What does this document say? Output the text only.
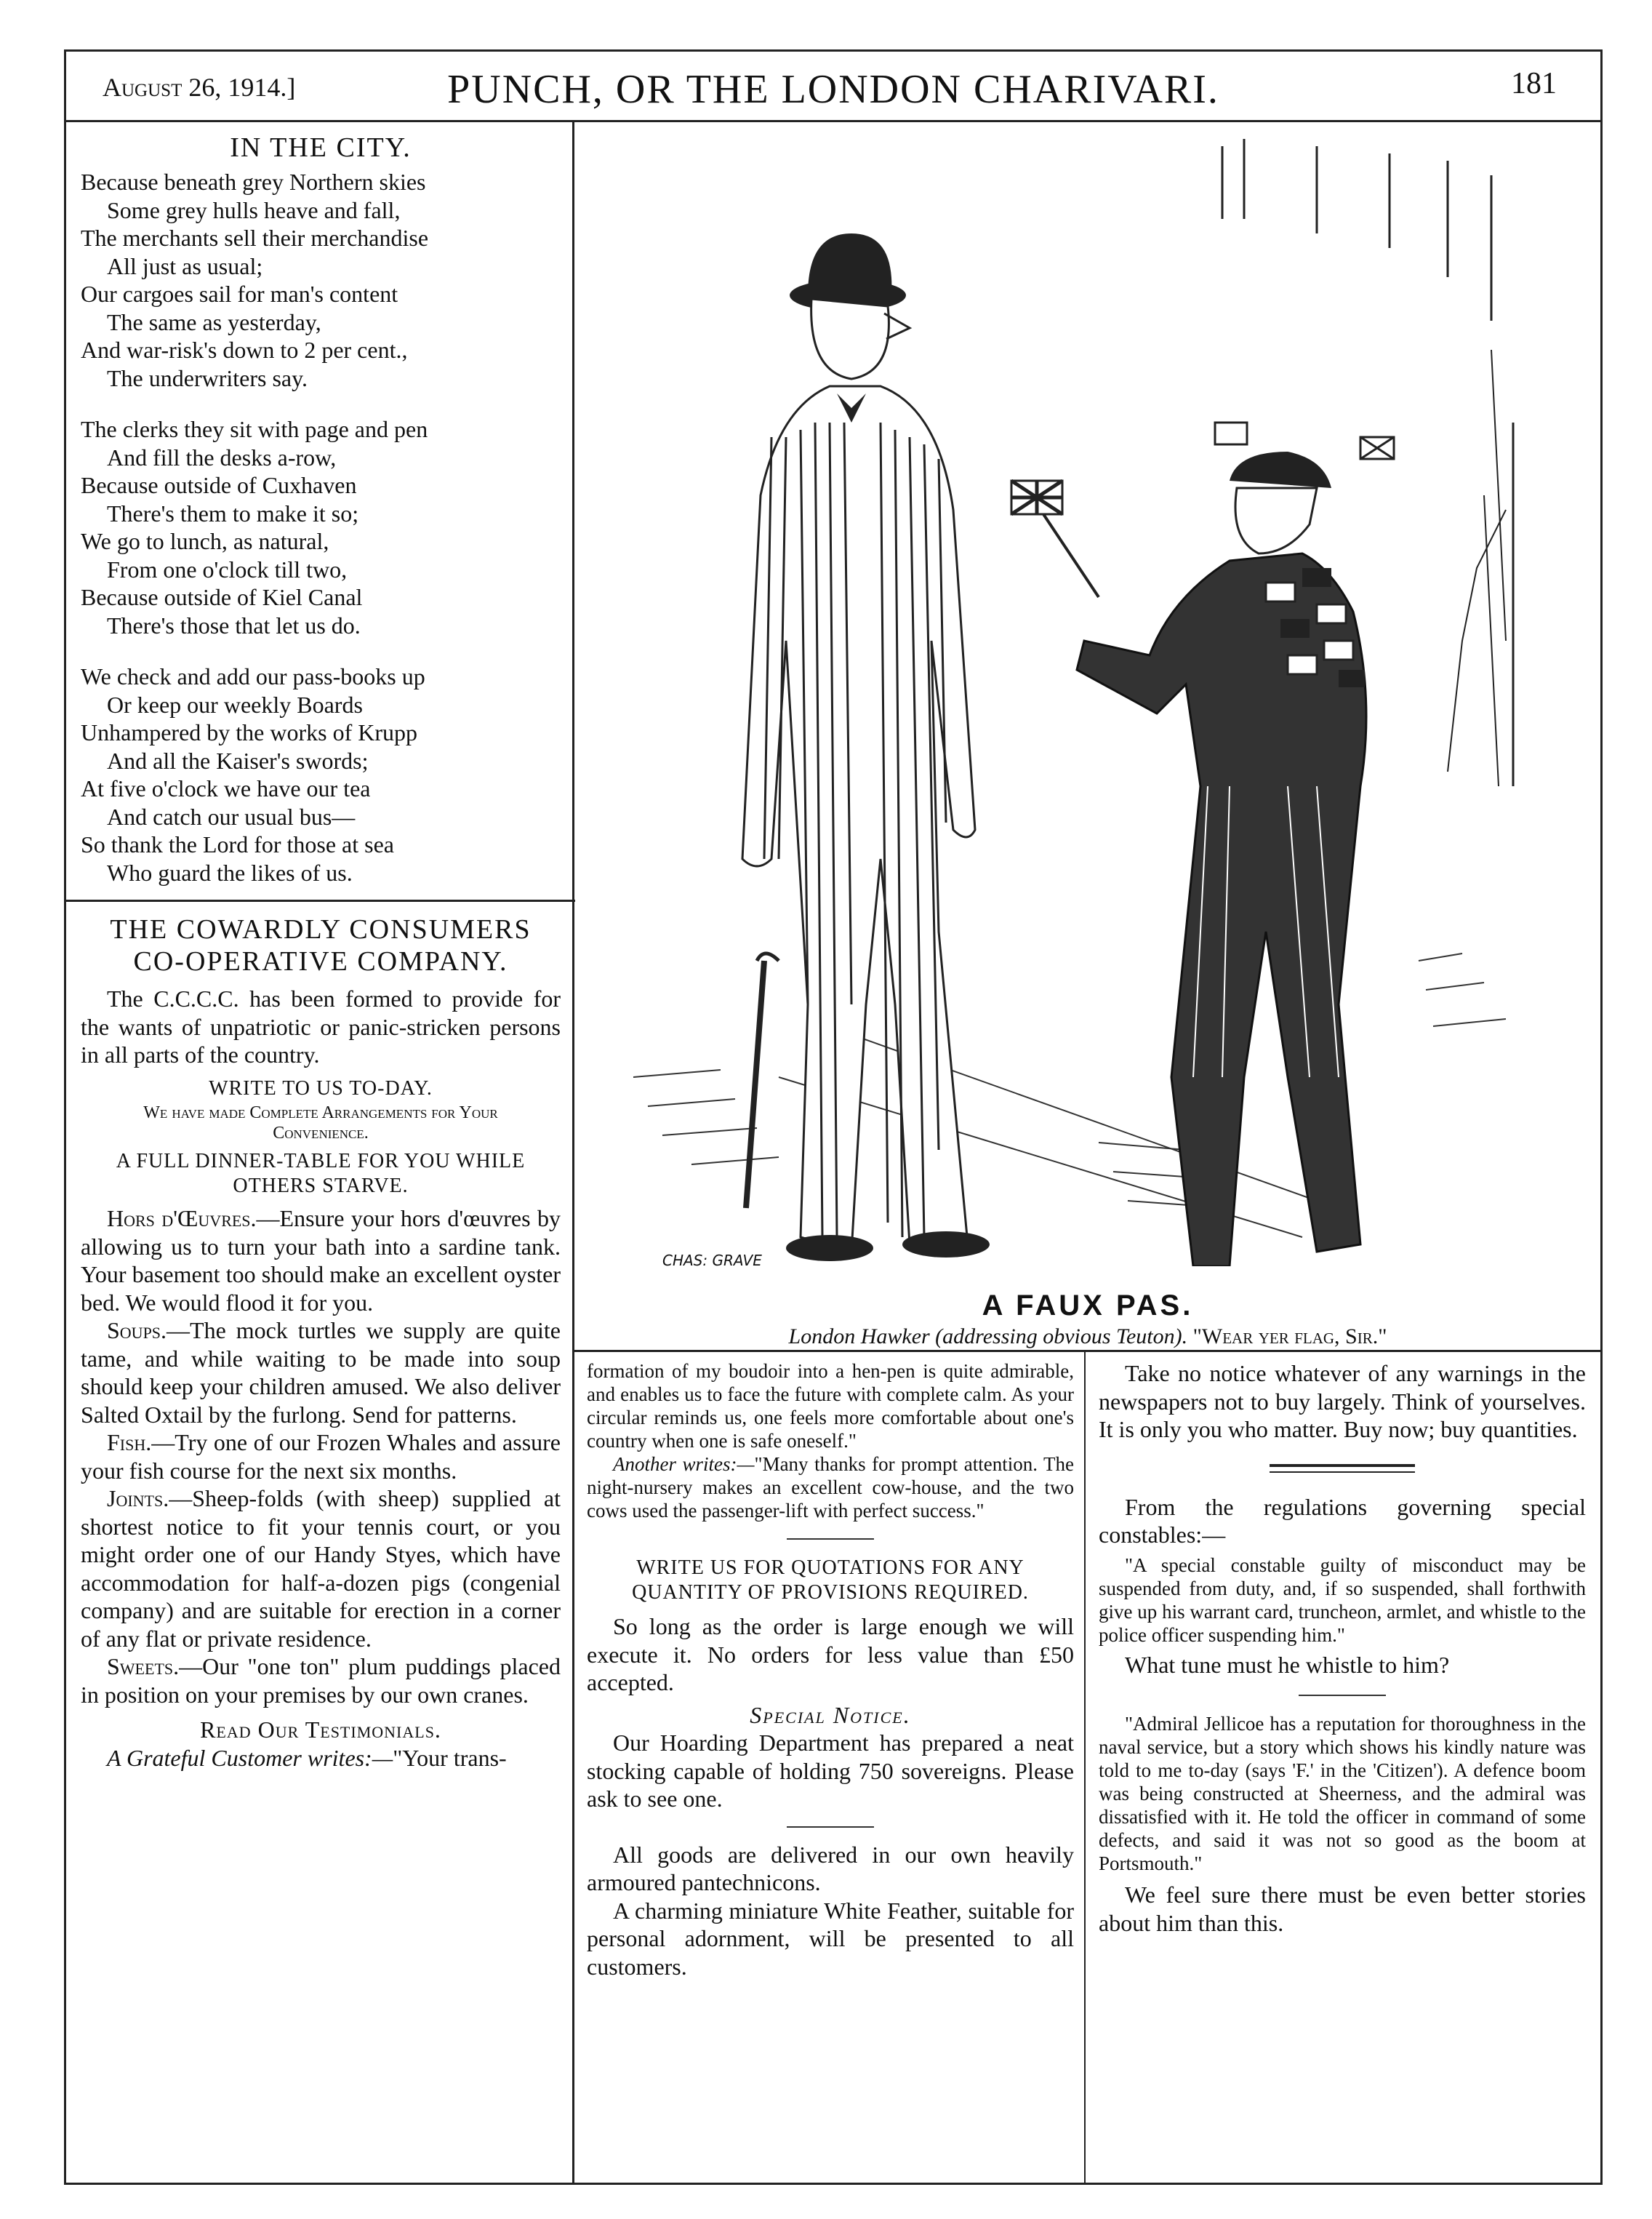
August 26, 1914.]	PUNCH, OR THE LONDON CHARIVARI.	181
IN THE CITY.
Because beneath grey Northern skies
Some grey hulls heave and fall,
The merchants sell their merchandise
All just as usual;
Our cargoes sail for man's content
The same as yesterday,
And war-risk's down to 2 per cent.,
The underwriters say.
The clerks they sit with page and pen
And fill the desks a-row,
Because outside of Cuxhaven
There's them to make it so;
We go to lunch, as natural,
From one o'clock till two,
Because outside of Kiel Canal
There's those that let us do.
We check and add our pass-books up
Or keep our weekly Boards
Unhampered by the works of Krupp
And all the Kaiser's swords;
At five o'clock we have our tea
And catch our usual bus—
So thank the Lord for those at sea
Who guard the likes of us.
THE COWARDLY CONSUMERS
CO-OPERATIVE COMPANY.

The C.C.C.C. has been formed to provide for the wants of unpatriotic or panic-stricken persons in all parts of the country.

WRITE TO US TO-DAY.

We have made Complete Arrangements for Your Convenience.

A FULL DINNER-TABLE FOR YOU WHILE OTHERS STARVE.

Hors d'Œuvres.—Ensure your hors d'œuvres by allowing us to turn your bath into a sardine tank. Your basement too should make an excellent oyster bed. We would flood it for you.

Soups.—The mock turtles we supply are quite tame, and while waiting to be made into soup should keep your children amused. We also deliver Salted Oxtail by the furlong. Send for patterns.

Fish.—Try one of our Frozen Whales and assure your fish course for the next six months.

Joints.—Sheep-folds (with sheep) supplied at shortest notice to fit your tennis court, or you might order one of our Handy Styes, which have accommodation for half-a-dozen pigs (congenial company) and are suitable for erection in a corner of any flat or private residence.

Sweets.—Our "one ton" plum puddings placed in position on your premises by our own cranes.

Read Our Testimonials.

A Grateful Customer writes:—"Your trans-

CHAS: GRAVE
A FAUX PAS.
London Hawker (addressing obvious Teuton). "Wear yer flag, Sir."

formation of my boudoir into a hen-pen is quite admirable, and enables us to face the future with complete calm. As your circular reminds us, one feels more comfortable about one's country when one is safe oneself."

Another writes:—"Many thanks for prompt attention. The night-nursery makes an excellent cow-house, and the two cows used the passenger-lift with perfect success."

WRITE US FOR QUOTATIONS FOR ANY QUANTITY OF PROVISIONS REQUIRED.

So long as the order is large enough we will execute it. No orders for less value than £50 accepted.

Special Notice.

Our Hoarding Department has prepared a neat stocking capable of holding 750 sovereigns. Please ask to see one.

All goods are delivered in our own heavily armoured pantechnicons.

A charming miniature White Feather, suitable for personal adornment, will be presented to all customers.

Take no notice whatever of any warnings in the newspapers not to buy largely. Think of yourselves. It is only you who matter. Buy now; buy quantities.

From the regulations governing special constables:—

"A special constable guilty of misconduct may be suspended from duty, and, if so suspended, shall forthwith give up his warrant card, truncheon, armlet, and whistle to the police officer suspending him."

What tune must he whistle to him?

"Admiral Jellicoe has a reputation for thoroughness in the naval service, but a story which shows his kindly nature was told to me to-day (says 'F.' in the 'Citizen'). A defence boom was being constructed at Sheerness, and the admiral was dissatisfied with it. He told the officer in command of some defects, and said it was not so good as the boom at Portsmouth."

We feel sure there must be even better stories about him than this.
